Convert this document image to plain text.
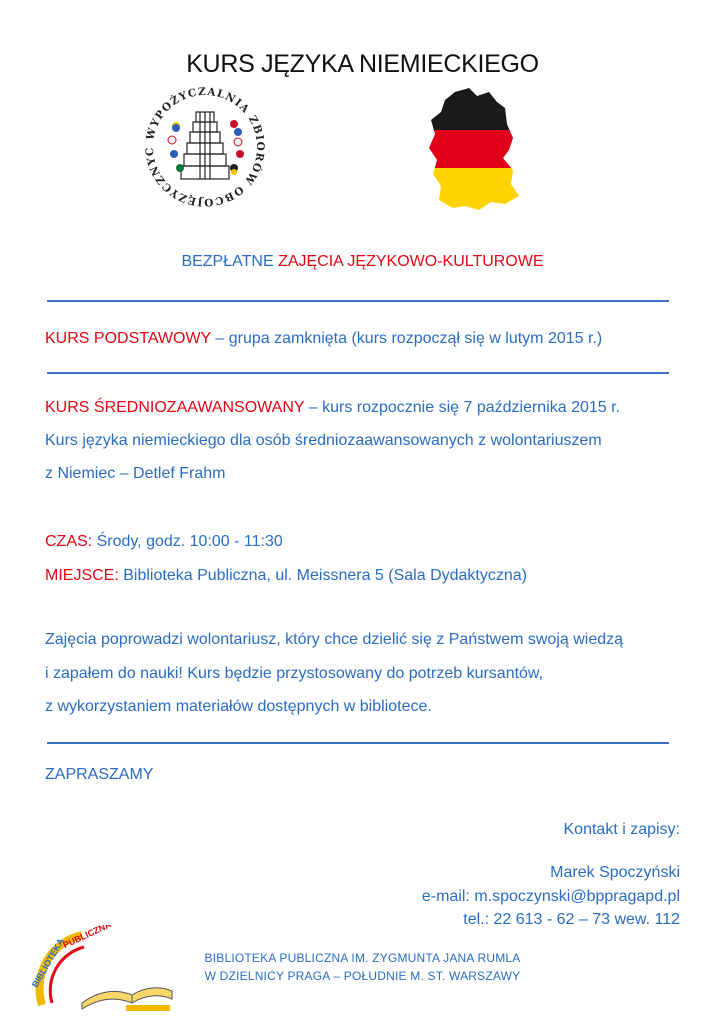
KURS JĘZYKA NIEMIECKIEGO
WYPOŻYCZALNIA ZBIORÓW OBCOJĘZYCZNYC
BEZPŁATNE ZAJĘCIA JĘZYKOWO-KULTUROWE
KURS PODSTAWOWY – grupa zamknięta (kurs rozpoczął się w lutym 2015 r.)
KURS ŚREDNIOZAAWANSOWANY – kurs rozpocznie się 7 października 2015 r.
Kurs języka niemieckiego dla osób średniozaawansowanych z wolontariuszem
z Niemiec – Detlef Frahm
CZAS: Środy, godz. 10:00 - 11:30
MIEJSCE: Biblioteka Publiczna, ul. Meissnera 5 (Sala Dydaktyczna)
Zajęcia poprowadzi wolontariusz, który chce dzielić się z Państwem swoją wiedzą
i zapałem do nauki! Kurs będzie przystosowany do potrzeb kursantów,
z wykorzystaniem materiałów dostępnych w bibliotece.
ZAPRASZAMY
Kontakt i zapisy:
Marek Spoczyński
e-mail: m.spoczynski@bppragapd.pl
tel.: 22 613 - 62 – 73 wew. 112
BIBLIOTEKA
PUBLICZNA
BIBLIOTEKA PUBLICZNA IM. ZYGMUNTA JANA RUMLA
W DZIELNICY PRAGA – POŁUDNIE M. ST. WARSZAWY
